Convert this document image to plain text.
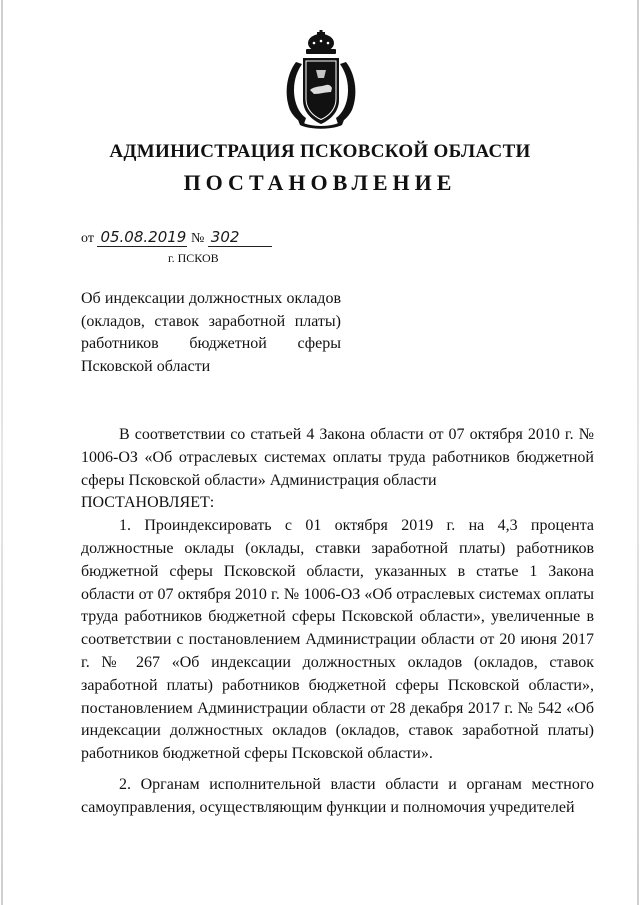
АДМИНИСТРАЦИЯ ПСКОВСКОЙ ОБЛАСТИ
ПОСТАНОВЛЕНИЕ
от 05.08.2019 № 302
г. ПСКОВ
Об индексации должностных окладов (окладов, ставок заработной платы) работников бюджетной сферы Псковской области

В соответствии со статьей 4 Закона области от 07 октября 2010 г. № 1006-ОЗ «Об отраслевых системах оплаты труда работников бюджетной сферы Псковской области» Администрация области

ПОСТАНОВЛЯЕТ:

1. Проиндексировать с 01 октября 2019 г. на 4,3 процента должностные оклады (оклады, ставки заработной платы) работников бюджетной сферы Псковской области, указанных в статье 1 Закона области от 07 октября 2010 г. № 1006-ОЗ «Об отраслевых системах оплаты труда работников бюджетной сферы Псковской области», увеличенные в соответствии с постановлением Администрации области от 20 июня 2017 г. № 267 «Об индексации должностных окладов (окладов, ставок заработной платы) работников бюджетной сферы Псковской области», постановлением Администрации области от 28 декабря 2017 г. № 542 «Об индексации должностных окладов (окладов, ставок заработной платы) работников бюджетной сферы Псковской области».

2. Органам исполнительной власти области и органам местного самоуправления, осуществляющим функции и полномочия учредителей
